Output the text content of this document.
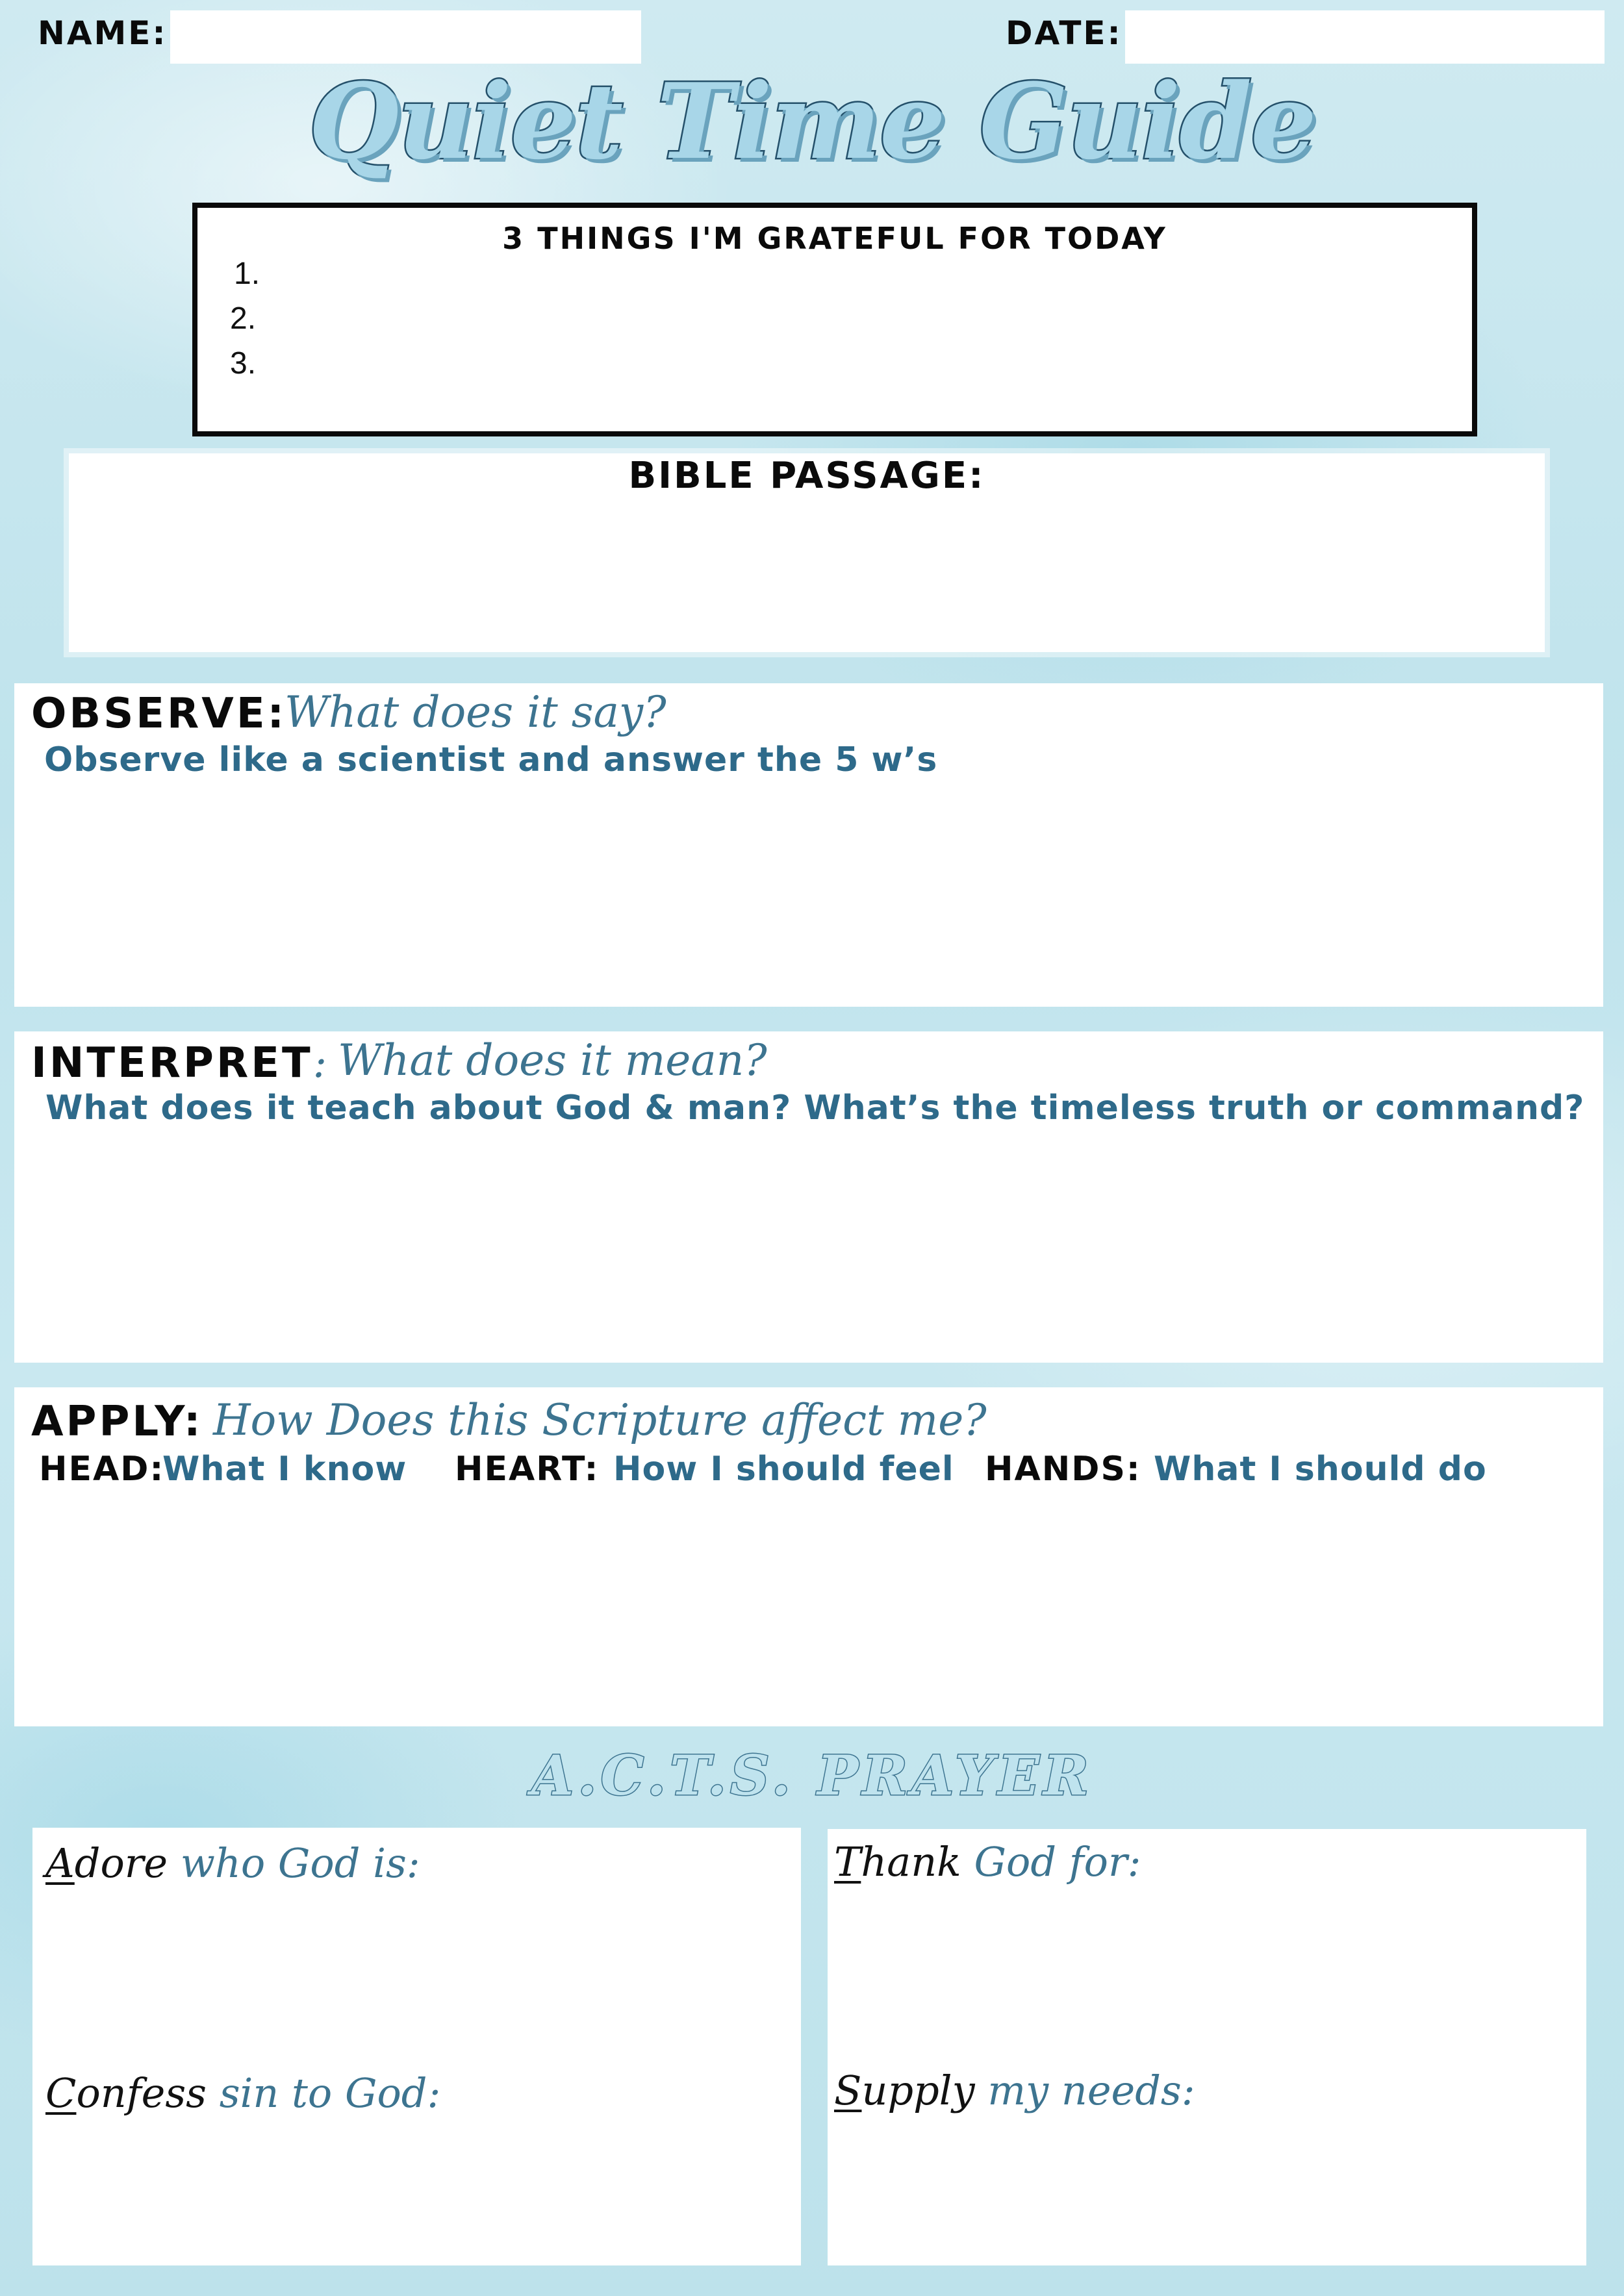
NAME:	DATE:
Quiet Time Guide
3 THINGS I'M GRATEFUL FOR TODAY
1.
2.
3.
BIBLE PASSAGE:
OBSERVE:
What does it say?
Observe like a scientist and answer the 5 w’s
INTERPRET: What does it mean?
What does it teach about God & man? What’s the timeless truth or command?
APPLY: How Does this Scripture affect me?
HEAD:
What I know HEART: How I should feel HANDS: What I should do
A.C.T.S. PRAYER
Adore who God is:
Confess sin to God:
Thank God for:
Supply my needs:
